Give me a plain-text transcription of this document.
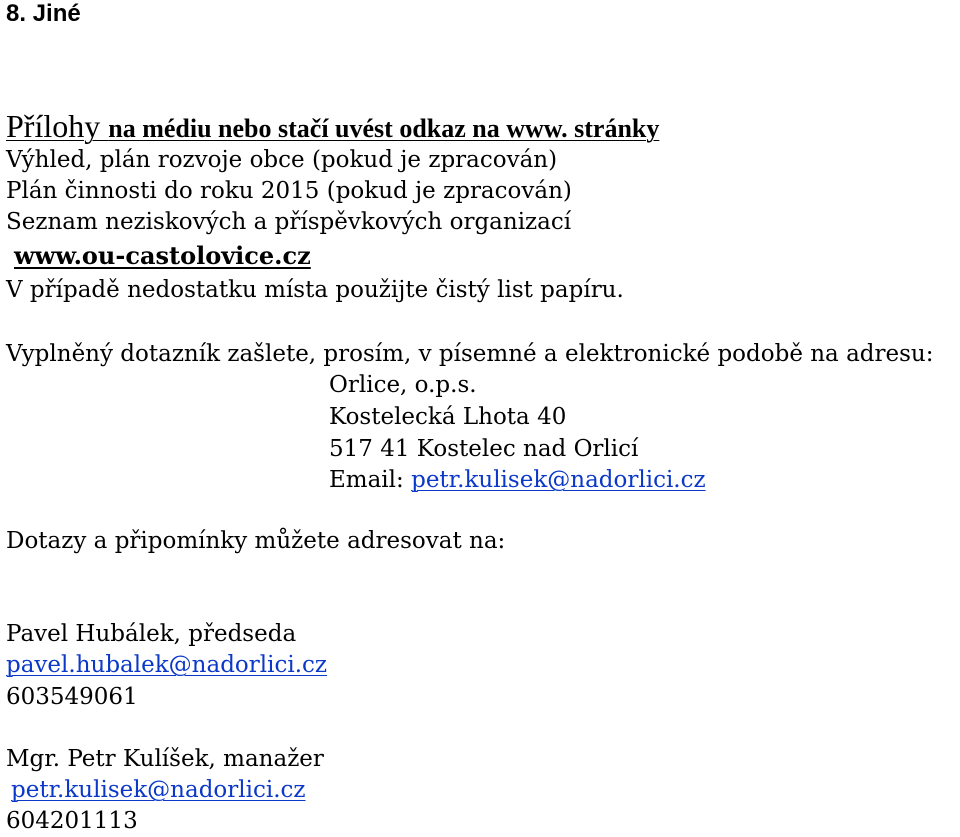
8. Jiné
Přílohy na médiu nebo stačí uvést odkaz na www. stránky
Výhled, plán rozvoje obce (pokud je zpracován)
Plán činnosti do roku 2015 (pokud je zpracován)
Seznam neziskových a příspěvkových organizací
www.ou-castolovice.cz
V případě nedostatku místa použijte čistý list papíru.
Vyplněný dotazník zašlete, prosím, v písemné a elektronické podobě na adresu:
Orlice, o.p.s.
Kostelecká Lhota 40
517 41 Kostelec nad Orlicí
Email: petr.kulisek@nadorlici.cz
Dotazy a připomínky můžete adresovat na:
Pavel Hubálek, předseda
pavel.hubalek@nadorlici.cz
603549061
Mgr. Petr Kulíšek, manažer
petr.kulisek@nadorlici.cz
604201113
